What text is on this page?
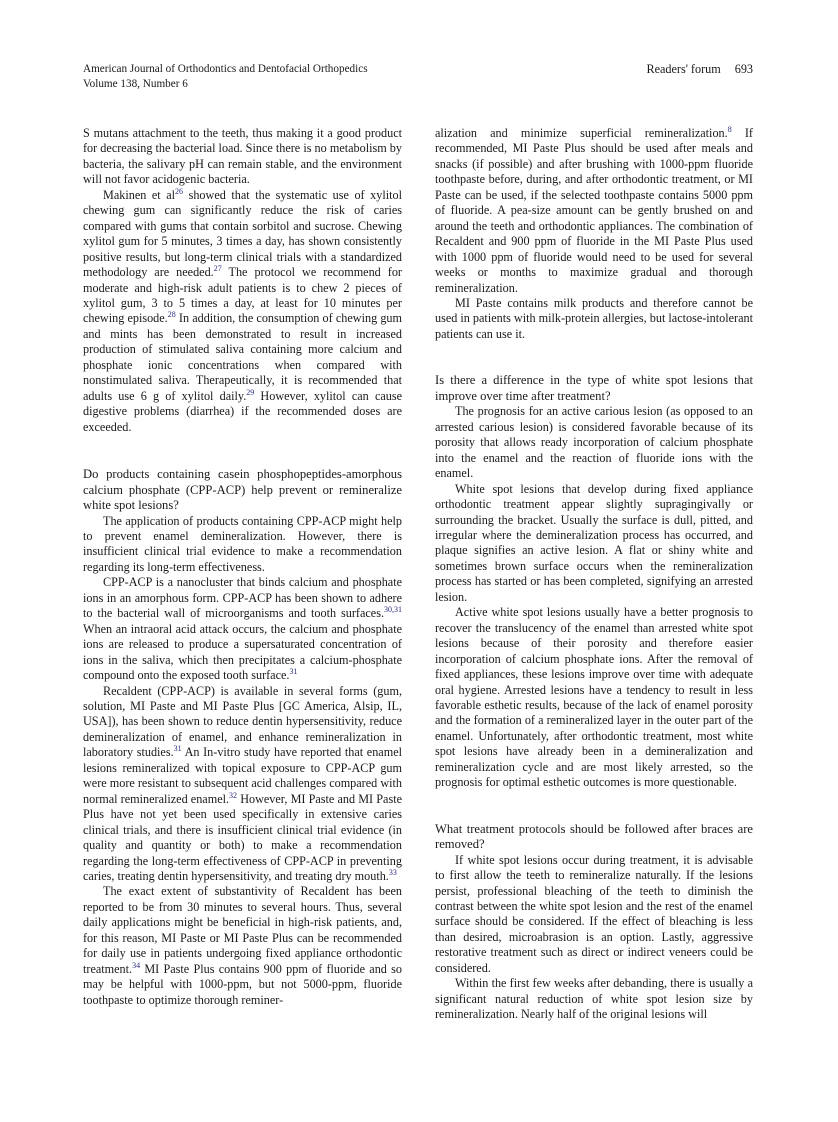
American Journal of Orthodontics and Dentofacial Orthopedics
Volume 138, Number 6
Readers' forum 693

S mutans attachment to the teeth, thus making it a good product for decreasing the bacterial load. Since there is no metabolism by bacteria, the salivary pH can remain stable, and the environment will not favor acidogenic bacteria.

Makinen et $al^{26}$ showed that the systematic use of xylitol chewing gum can significantly reduce the risk of caries compared with gums that contain sorbitol and sucrose. Chewing xylitol gum for 5 minutes, 3 times a day, has shown consistently positive results, but long-term clinical trials with a standardized methodology are needed.$^{27}$ The protocol we recommend for moderate and high-risk adult patients is to chew 2 pieces of xylitol gum, 3 to 5 times a day, at least for 10 minutes per chewing episode.$^{28}$ In addition, the consumption of chewing gum and mints has been demonstrated to result in increased production of stimulated saliva containing more calcium and phosphate ionic concentrations when compared with nonstimulated saliva. Therapeutically, it is recommended that adults use 6 g of xylitol daily.$^{29}$ However, xylitol can cause digestive problems (diarrhea) if the recommended doses are exceeded.

Do products containing casein phosphopeptides-amorphous calcium phosphate (CPP-ACP) help prevent or remineralize white spot lesions?

The application of products containing CPP-ACP might help to prevent enamel demineralization. However, there is insufficient clinical trial evidence to make a recommendation regarding its long-term effectiveness.

CPP-ACP is a nanocluster that binds calcium and phosphate ions in an amorphous form. CPP-ACP has been shown to adhere to the bacterial wall of microorganisms and tooth surfaces.$^{30,31}$ When an intraoral acid attack occurs, the calcium and phosphate ions are released to produce a supersaturated concentration of ions in the saliva, which then precipitates a calcium-phosphate compound onto the exposed tooth surface.$^{31}$

Recaldent (CPP-ACP) is available in several forms (gum, solution, MI Paste and MI Paste Plus [GC America, Alsip, IL, USA]), has been shown to reduce dentin hypersensitivity, reduce demineralization of enamel, and enhance remineralization in laboratory studies.$^{31}$ An In-vitro study have reported that enamel lesions remineralized with topical exposure to CPP-ACP gum were more resistant to subsequent acid challenges compared with normal remineralized enamel.$^{32}$ However, MI Paste and MI Paste Plus have not yet been used specifically in extensive caries clinical trials, and there is insufficient clinical trial evidence (in quality and quantity or both) to make a recommendation regarding the long-term effectiveness of CPP-ACP in preventing caries, treating dentin hypersensitivity, and treating dry mouth.$^{33}$

The exact extent of substantivity of Recaldent has been reported to be from 30 minutes to several hours. Thus, several daily applications might be beneficial in high-risk patients, and, for this reason, MI Paste or MI Paste Plus can be recommended for daily use in patients undergoing fixed appliance orthodontic treatment.$^{34}$ MI Paste Plus contains 900 ppm of fluoride and so may be helpful with 1000-ppm, but not 5000-ppm, fluoride toothpaste to optimize thorough reminer-

alization and minimize superficial remineralization.$^8$ If recommended, MI Paste Plus should be used after meals and snacks (if possible) and after brushing with 1000-ppm fluoride toothpaste before, during, and after orthodontic treatment, or MI Paste can be used, if the selected toothpaste contains 5000 ppm of fluoride. A pea-size amount can be gently brushed on and around the teeth and orthodontic appliances. The combination of Recaldent and 900 ppm of fluoride in the MI Paste Plus used with 1000 ppm of fluoride would need to be used for several weeks or months to maximize gradual and thorough remineralization.

MI Paste contains milk products and therefore cannot be used in patients with milk-protein allergies, but lactose-intolerant patients can use it.

Is there a difference in the type of white spot lesions that improve over time after treatment?

The prognosis for an active carious lesion (as opposed to an arrested carious lesion) is considered favorable because of its porosity that allows ready incorporation of calcium phosphate into the enamel and the reaction of fluoride ions with the enamel.

White spot lesions that develop during fixed appliance orthodontic treatment appear slightly supragingivally or surrounding the bracket. Usually the surface is dull, pitted, and irregular where the demineralization process has occurred, and plaque signifies an active lesion. A flat or shiny white and sometimes brown surface occurs when the remineralization process has started or has been completed, signifying an arrested lesion.

Active white spot lesions usually have a better prognosis to recover the translucency of the enamel than arrested white spot lesions because of their porosity and therefore easier incorporation of calcium phosphate ions. After the removal of fixed appliances, these lesions improve over time with adequate oral hygiene. Arrested lesions have a tendency to result in less favorable esthetic results, because of the lack of enamel porosity and the formation of a remineralized layer in the outer part of the enamel. Unfortunately, after orthodontic treatment, most white spot lesions have already been in a demineralization and remineralization cycle and are most likely arrested, so the prognosis for optimal esthetic outcomes is more questionable.

What treatment protocols should be followed after braces are removed?

If white spot lesions occur during treatment, it is advisable to first allow the teeth to remineralize naturally. If the lesions persist, professional bleaching of the teeth to diminish the contrast between the white spot lesion and the rest of the enamel surface should be considered. If the effect of bleaching is less than desired, microabrasion is an option. Lastly, aggressive restorative treatment such as direct or indirect veneers could be considered.

Within the first few weeks after debanding, there is usually a significant natural reduction of white spot lesion size by remineralization. Nearly half of the original lesions will
